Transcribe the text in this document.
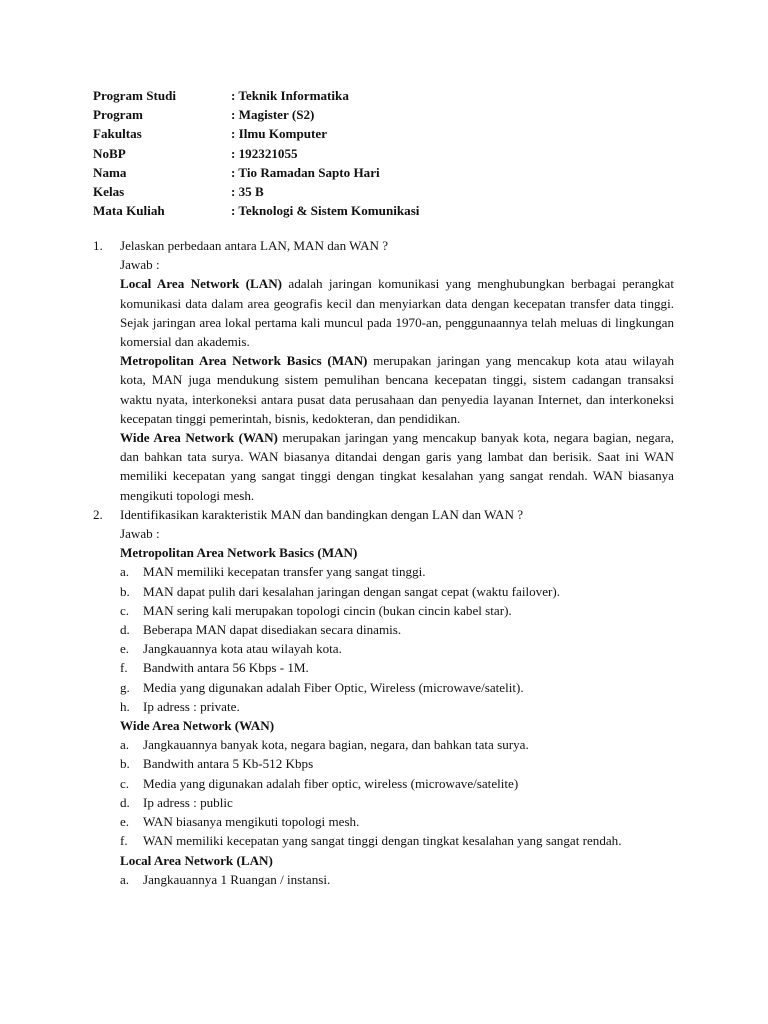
Program Studi	: Teknik Informatika
Program	: Magister (S2)
Fakultas	: Ilmu Komputer
NoBP	: 192321055
Nama	: Tio Ramadan Sapto Hari
Kelas	: 35 B
Mata Kuliah	: Teknologi & Sistem Komunikasi
1.	Jelaskan perbedaan antara LAN, MAN dan WAN ?
Jawab :
Local Area Network (LAN) adalah jaringan komunikasi yang menghubungkan berbagai perangkat komunikasi data dalam area geografis kecil dan menyiarkan data dengan kecepatan transfer data tinggi. Sejak jaringan area lokal pertama kali muncul pada 1970-an, penggunaannya telah meluas di lingkungan komersial dan akademis.
Metropolitan Area Network Basics (MAN) merupakan jaringan yang mencakup kota atau wilayah kota, MAN juga mendukung sistem pemulihan bencana kecepatan tinggi, sistem cadangan transaksi waktu nyata, interkoneksi antara pusat data perusahaan dan penyedia layanan Internet, dan interkoneksi kecepatan tinggi pemerintah, bisnis, kedokteran, dan pendidikan.
Wide Area Network (WAN) merupakan jaringan yang mencakup banyak kota, negara bagian, negara, dan bahkan tata surya. WAN biasanya ditandai dengan garis yang lambat dan berisik. Saat ini WAN memiliki kecepatan yang sangat tinggi dengan tingkat kesalahan yang sangat rendah. WAN biasanya mengikuti topologi mesh.
2.	Identifikasikan karakteristik MAN dan bandingkan dengan LAN dan WAN ?
Jawab :
Metropolitan Area Network Basics (MAN)
a.	MAN memiliki kecepatan transfer yang sangat tinggi.
b.	MAN dapat pulih dari kesalahan jaringan dengan sangat cepat (waktu failover).
c.	MAN sering kali merupakan topologi cincin (bukan cincin kabel star).
d.	Beberapa MAN dapat disediakan secara dinamis.
e.	Jangkauannya kota atau wilayah kota.
f.	Bandwith antara 56 Kbps - 1M.
g.	Media yang digunakan adalah Fiber Optic, Wireless (microwave/satelit).
h.	Ip adress : private.
Wide Area Network (WAN)
a.	Jangkauannya banyak kota, negara bagian, negara, dan bahkan tata surya.
b.	Bandwith antara 5 Kb-512 Kbps
c.	Media yang digunakan adalah fiber optic, wireless (microwave/satelite)
d.	Ip adress : public
e.	WAN biasanya mengikuti topologi mesh.
f.	WAN memiliki kecepatan yang sangat tinggi dengan tingkat kesalahan yang sangat rendah.
Local Area Network (LAN)
a.	Jangkauannya 1 Ruangan / instansi.
